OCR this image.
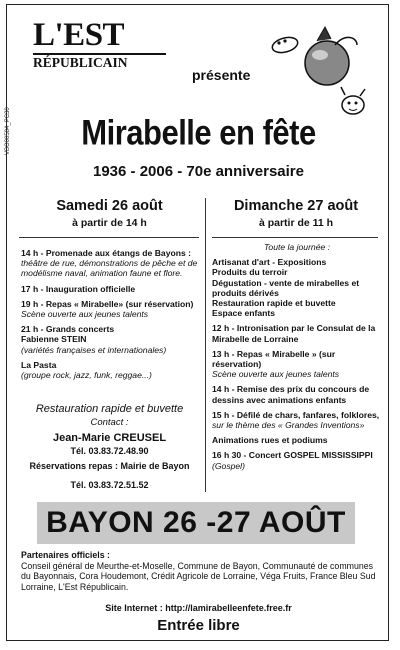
VBO00584_PC30
L'EST
RÉPUBLICAIN
présente
Mirabelle en fête
1936 - 2006 - 70e anniversaire
Samedi 26 août
à partir de 14 h
14 h - Promenade aux étangs de Bayons :
théâtre de rue, démonstrations de pêche et de modélisme naval, animation faune et flore.
17 h - Inauguration officielle
19 h - Repas « Mirabelle» (sur réservation)
Scène ouverte aux jeunes talents
21 h - Grands concerts
Fabienne STEIN
(variétés françaises et internationales)
La Pasta
(groupe rock, jazz, funk, reggae...)
Restauration rapide et buvette
Contact :
Jean-Marie CREUSEL
Tél. 03.83.72.48.90
Réservations repas : Mairie de Bayon
Tél. 03.83.72.51.52
Dimanche 27 août
à partir de 11 h
Toute la journée :
Artisanat d'art - Expositions
Produits du terroir
Dégustation - vente de mirabelles et produits dérivés
Restauration rapide et buvette
Espace enfants
12 h - Intronisation par le Consulat de la Mirabelle de Lorraine
13 h - Repas « Mirabelle » (sur réservation)
Scène ouverte aux jeunes talents
14 h - Remise des prix du concours de dessins avec animations enfants
15 h - Défilé de chars, fanfares, folklores,
sur le thème des « Grandes Inventions»
Animations rues et podiums
16 h 30 - Concert GOSPEL MISSISSIPPI
(Gospel)
BAYON 26 -27 AOÛT
Partenaires officiels :
Conseil général de Meurthe-et-Moselle, Commune de Bayon, Communauté de communes du Bayonnais, Cora Houdemont, Crédit Agricole de Lorraine, Véga Fruits, France Bleu Sud Lorraine, L'Est Républicain.
Site Internet : http://lamirabelleenfete.free.fr
Entrée libre
